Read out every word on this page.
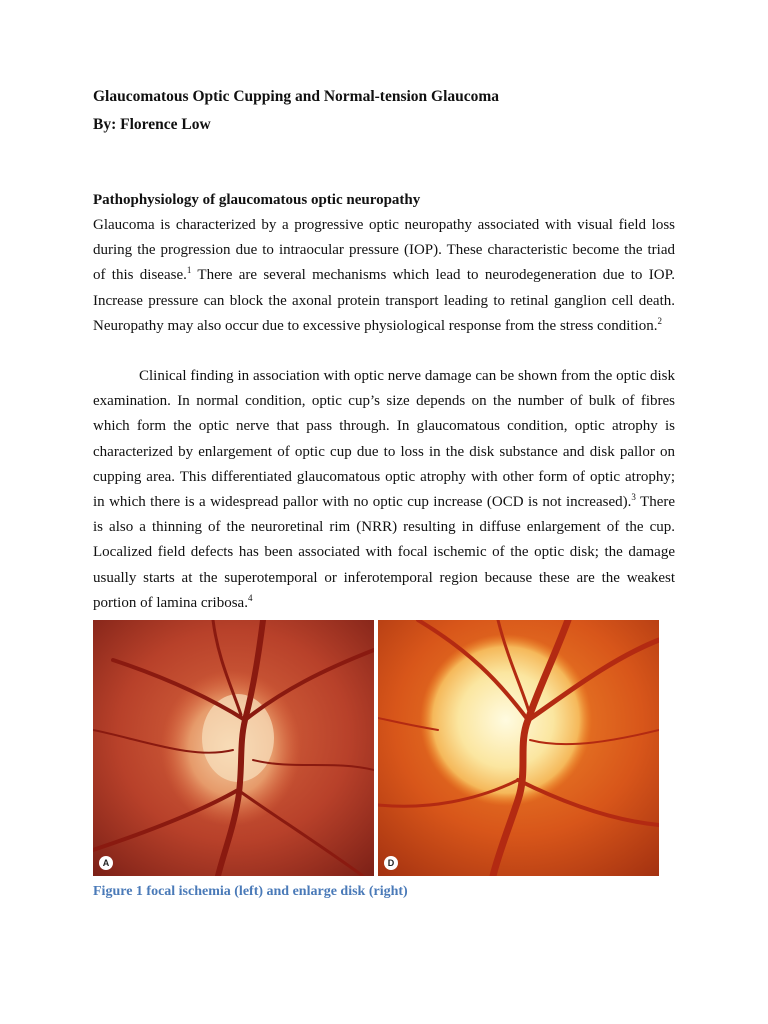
Glaucomatous Optic Cupping and Normal-tension Glaucoma
By: Florence Low
Pathophysiology of glaucomatous optic neuropathy
Glaucoma is characterized by a progressive optic neuropathy associated with visual field loss during the progression due to intraocular pressure (IOP). These characteristic become the triad of this disease.$^1$ There are several mechanisms which lead to neurodegeneration due to IOP. Increase pressure can block the axonal protein transport leading to retinal ganglion cell death. Neuropathy may also occur due to excessive physiological response from the stress condition.$^2$
Clinical finding in association with optic nerve damage can be shown from the optic disk examination. In normal condition, optic cup’s size depends on the number of bulk of fibres which form the optic nerve that pass through. In glaucomatous condition, optic atrophy is characterized by enlargement of optic cup due to loss in the disk substance and disk pallor on cupping area. This differentiated glaucomatous optic atrophy with other form of optic atrophy; in which there is a widespread pallor with no optic cup increase (OCD is not increased).$^3$ There is also a thinning of the neuroretinal rim (NRR) resulting in diffuse enlargement of the cup. Localized field defects has been associated with focal ischemic of the optic disk; the damage usually starts at the superotemporal or inferotemporal region because these are the weakest portion of lamina cribosa.$^4$
A	D
Figure 1 focal ischemia (left) and enlarge disk (right)
